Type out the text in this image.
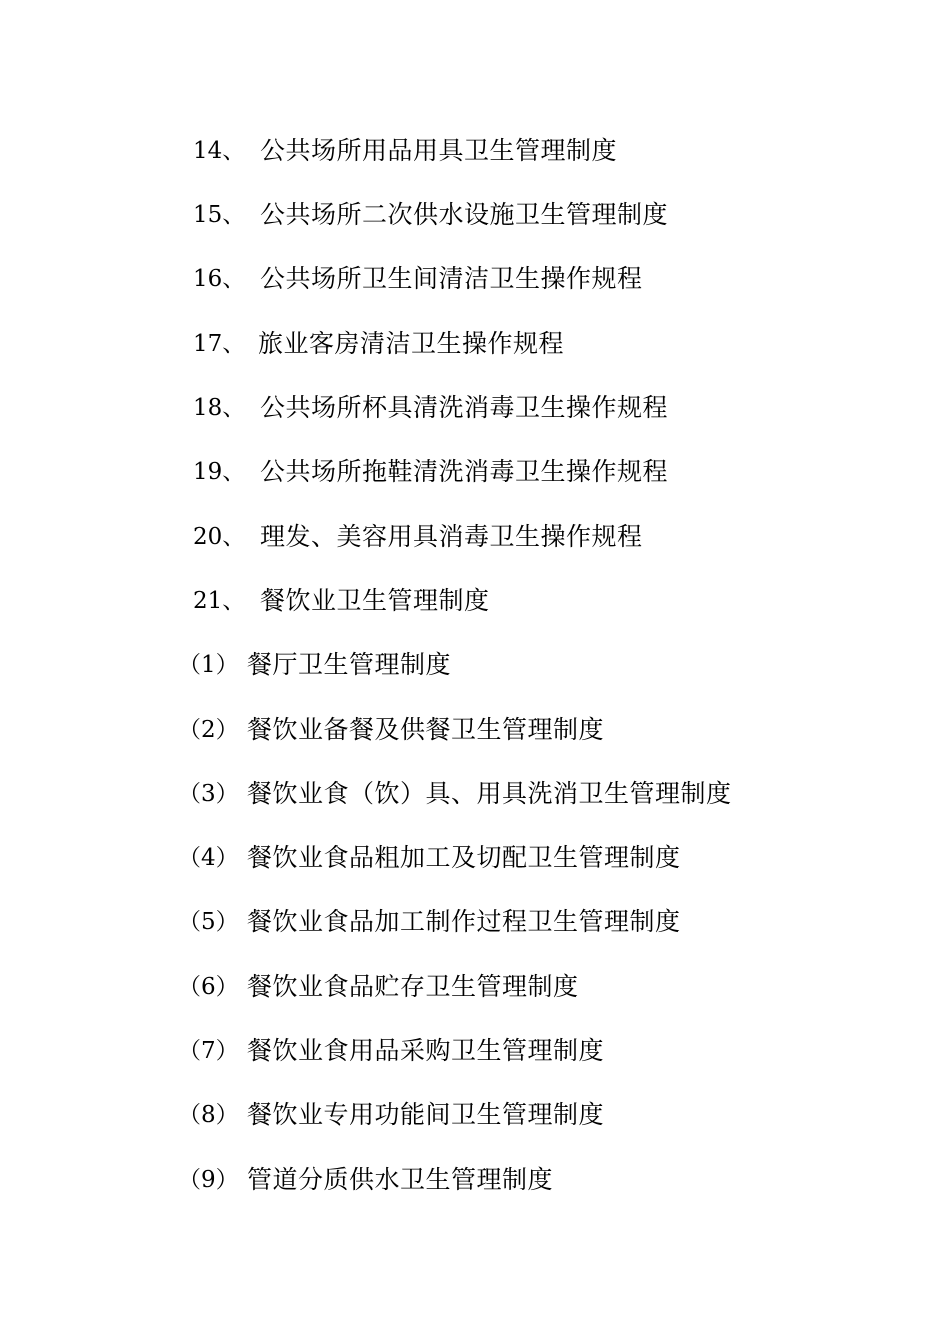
14、 公共场所用品用具卫生管理制度
15、 公共场所二次供水设施卫生管理制度
16、 公共场所卫生间清洁卫生操作规程
17、 旅业客房清洁卫生操作规程
18、 公共场所杯具清洗消毒卫生操作规程
19、 公共场所拖鞋清洗消毒卫生操作规程
20、 理发、美容用具消毒卫生操作规程
21、 餐饮业卫生管理制度
（1） 餐厅卫生管理制度
（2） 餐饮业备餐及供餐卫生管理制度
（3） 餐饮业食（饮）具、用具洗消卫生管理制度
（4） 餐饮业食品粗加工及切配卫生管理制度
（5） 餐饮业食品加工制作过程卫生管理制度
（6） 餐饮业食品贮存卫生管理制度
（7） 餐饮业食用品采购卫生管理制度
（8） 餐饮业专用功能间卫生管理制度
（9） 管道分质供水卫生管理制度
